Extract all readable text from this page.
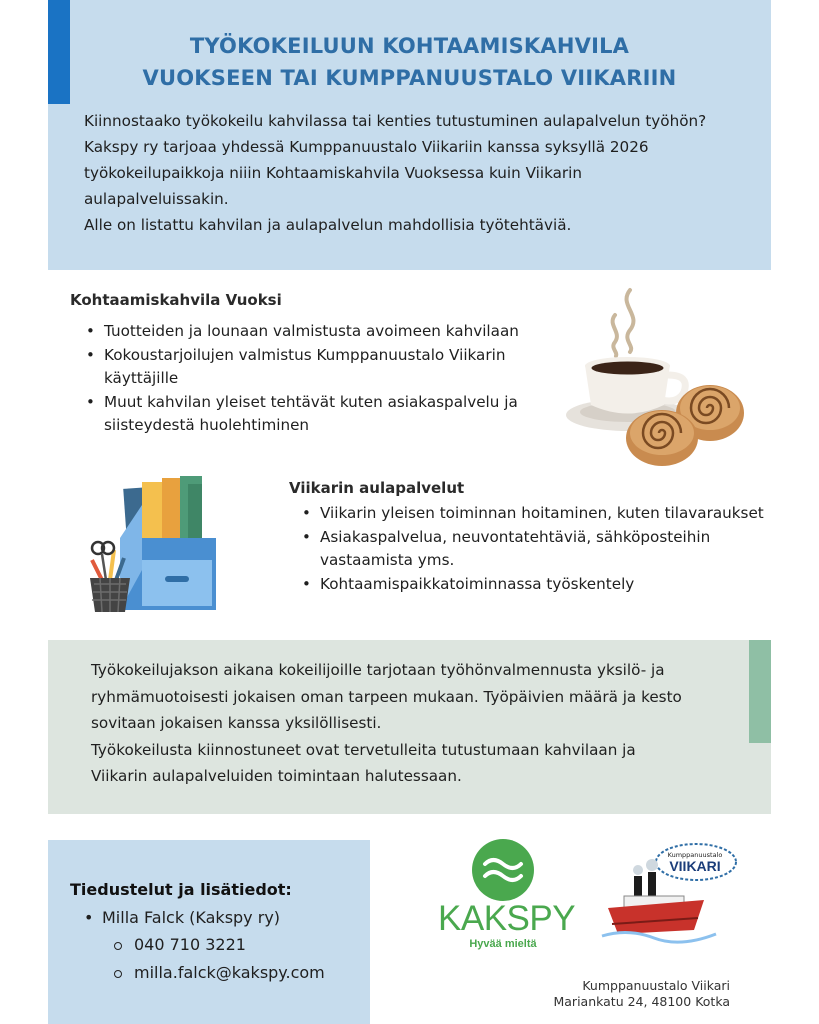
TYÖKOKEILUUN KOHTAAMISKAHVILA
VUOKSEEN TAI KUMPPANUUSTALO VIIKARIIN

Kiinnostaako työkokeilu kahvilassa tai kenties tutustuminen aulapalvelun työhön?

Kakspy ry tarjoaa yhdessä Kumppanuustalo Viikariin kanssa syksyllä 2026

työkokeilupaikkoja niiin Kohtaamiskahvila Vuoksessa kuin Viikarin

aulapalveluissakin.

Alle on listattu kahvilan ja aulapalvelun mahdollisia työtehtäviä.

Kohtaamiskahvila Vuoksi
• Tuotteiden ja lounaan valmistusta avoimeen kahvilaan
• Kokoustarjoilujen valmistus Kumppanuustalo Viikarin käyttäjille
• Muut kahvilan yleiset tehtävät kuten asiakaspalvelu ja siisteydestä huolehtiminen
Viikarin aulapalvelut
• Viikarin yleisen toiminnan hoitaminen, kuten tilavaraukset
• Asiakaspalvelua, neuvontatehtäviä, sähköposteihin vastaamista yms.
• Kohtaamispaikkatoiminnassa työskentely

Työkokeilujakson aikana kokeilijoille tarjotaan työhönvalmennusta yksilö- ja

ryhmämuotoisesti jokaisen oman tarpeen mukaan. Työpäivien määrä ja kesto

sovitaan jokaisen kanssa yksilöllisesti.

Työkokeilusta kiinnostuneet ovat tervetulleita tutustumaan kahvilaan ja

Viikarin aulapalveluiden toimintaan halutessaan.

Tiedustelut ja lisätiedot:
• Milla Falck (Kakspy ry)
040 710 3221
milla.falck@kakspy.com
KAKSPY
Hyvää mieltä
Kumppanuustalo
VIIKARI
Kumppanuustalo Viikari
Mariankatu 24, 48100 Kotka
